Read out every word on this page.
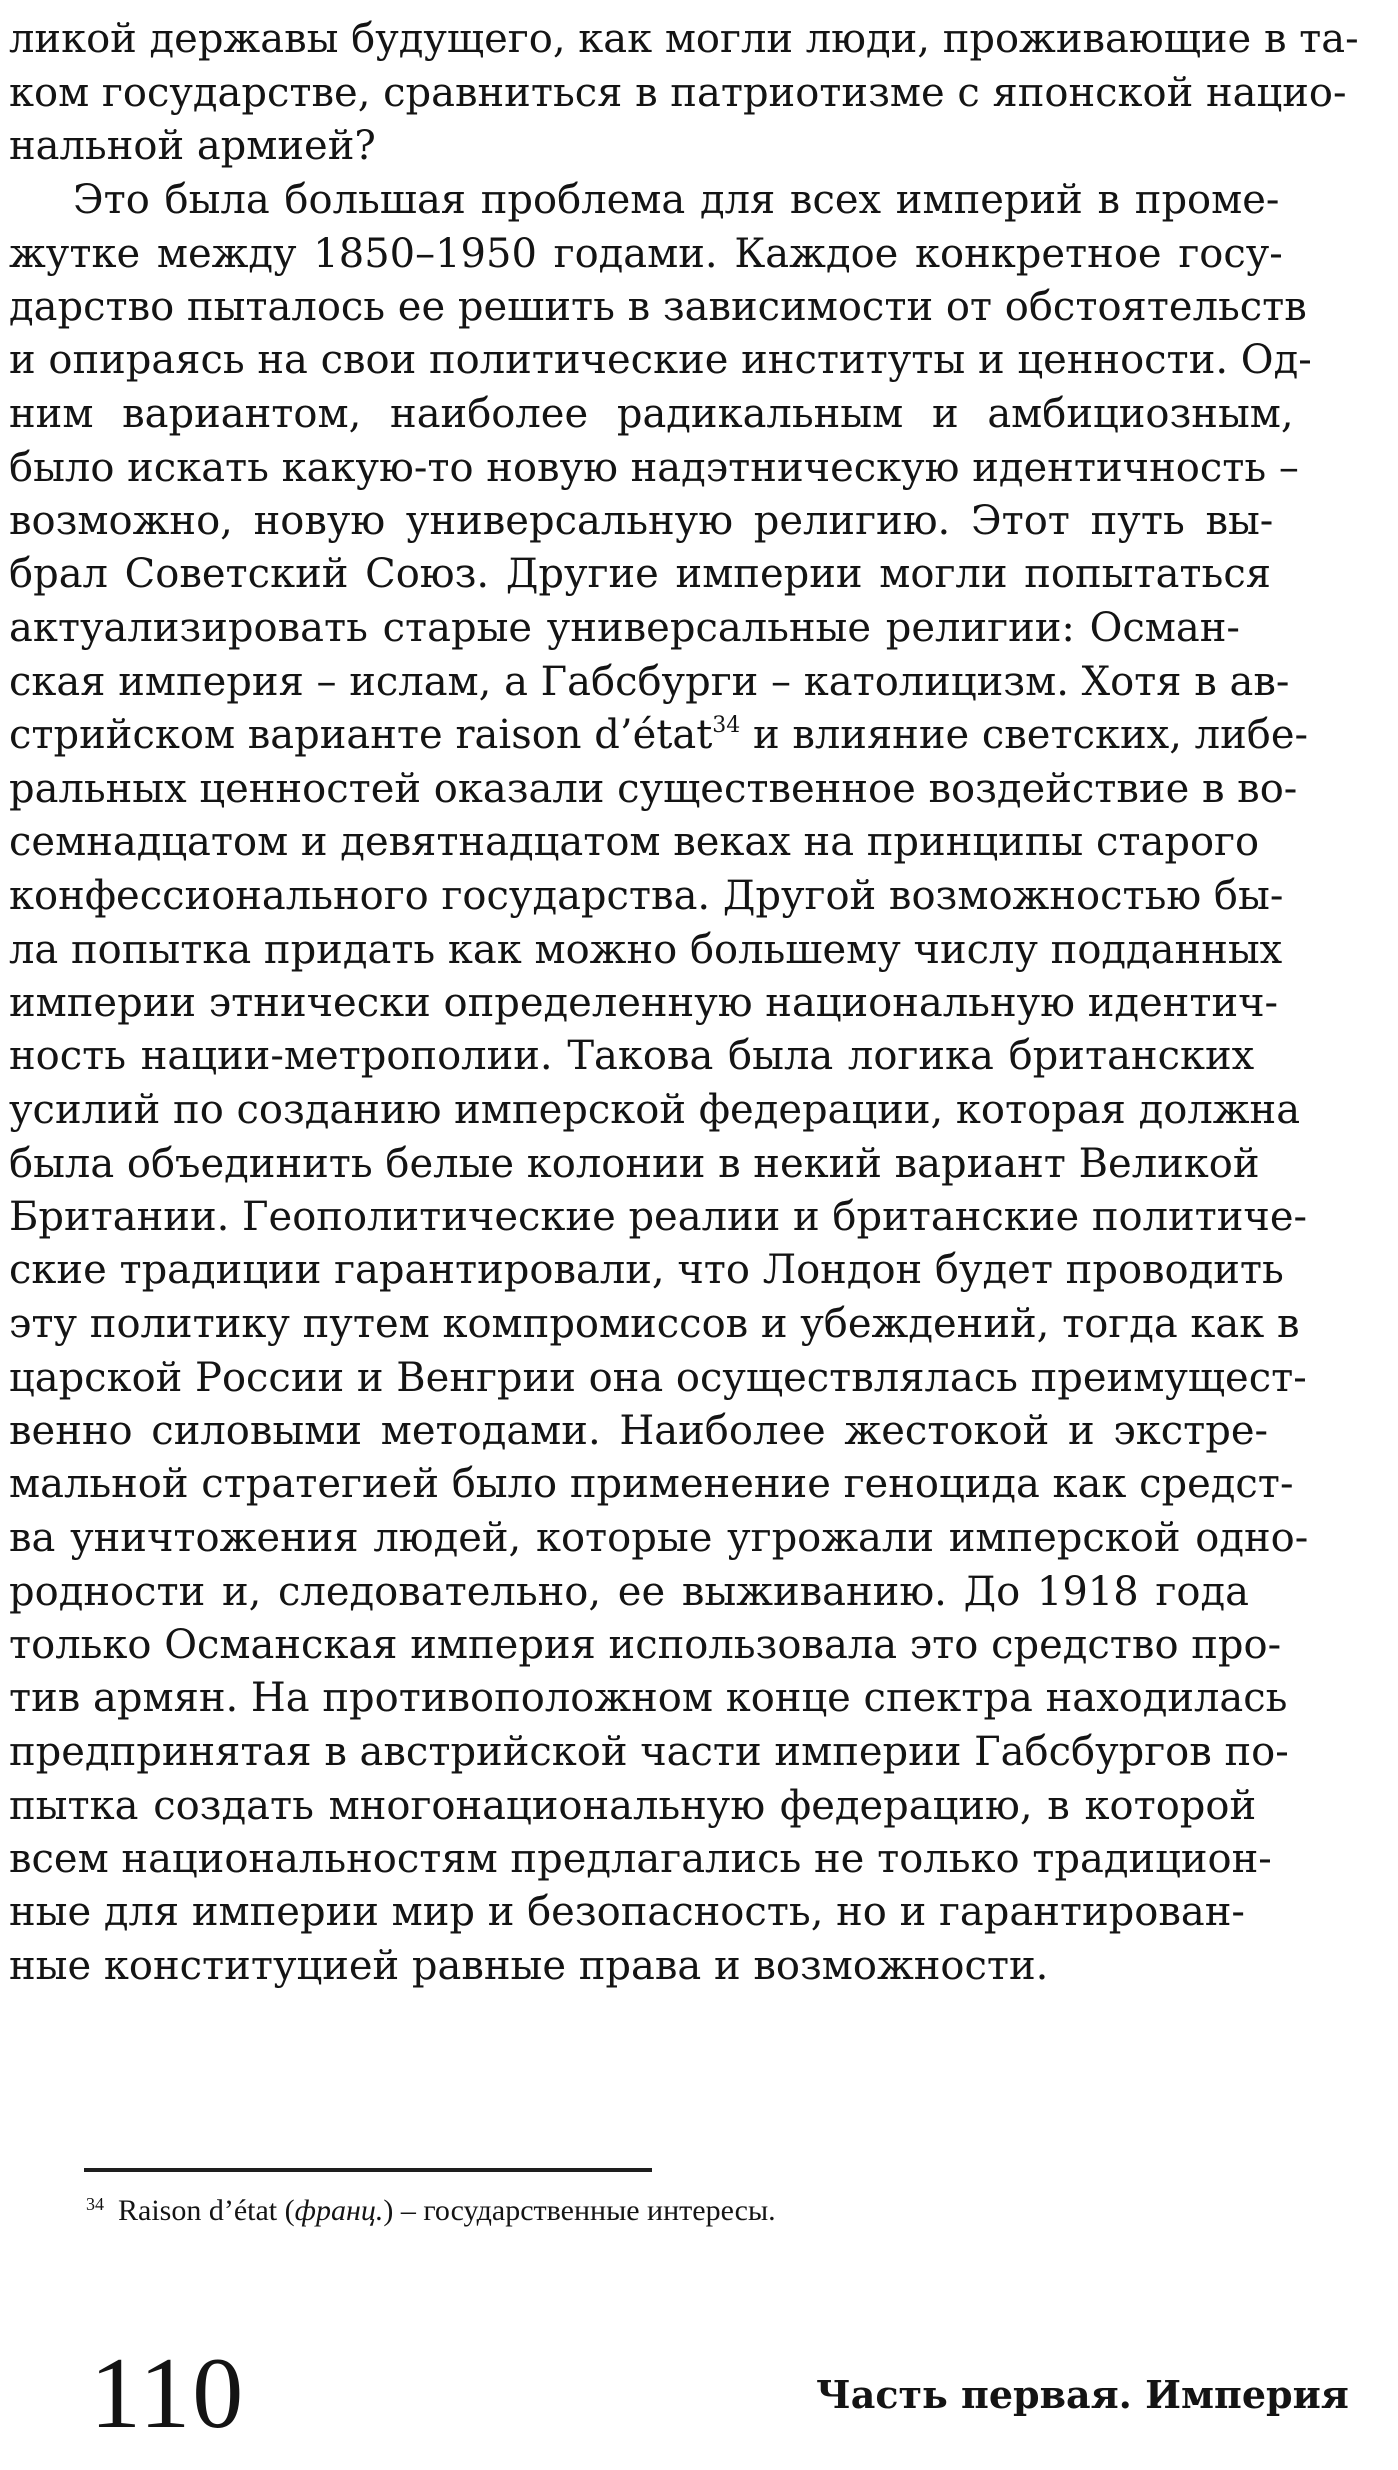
ликой державы будущего, как могли люди, проживающие в та-
ком государстве, сравниться в патриотизме с японской нацио-
нальной армией?
Это была большая проблема для всех империй в проме-
жутке между 1850–1950 годами. Каждое конкретное госу-
дарство пыталось ее решить в зависимости от обстоятельств
и опираясь на свои политические институты и ценности. Од-
ним вариантом, наиболее радикальным и амбициозным,
было искать какую-то новую надэтническую идентичность –
возможно, новую универсальную религию. Этот путь вы-
брал Советский Союз. Другие империи могли попытаться
актуализировать старые универсальные религии: Осман-
ская империя – ислам, а Габсбурги – католицизм. Хотя в ав-
стрийском варианте raison d’état$^{34}$ и влияние светских, либе-
ральных ценностей оказали существенное воздействие в во-
семнадцатом и девятнадцатом веках на принципы старого
конфессионального государства. Другой возможностью бы-
ла попытка придать как можно большему числу подданных
империи этнически определенную национальную идентич-
ность нации-метрополии. Такова была логика британских
усилий по созданию имперской федерации, которая должна
была объединить белые колонии в некий вариант Великой
Британии. Геополитические реалии и британские политиче-
ские традиции гарантировали, что Лондон будет проводить
эту политику путем компромиссов и убеждений, тогда как в
царской России и Венгрии она осуществлялась преимущест-
венно силовыми методами. Наиболее жестокой и экстре-
мальной стратегией было применение геноцида как средст-
ва уничтожения людей, которые угрожали имперской одно-
родности и, следовательно, ее выживанию. До 1918 года
только Османская империя использовала это средство про-
тив армян. На противоположном конце спектра находилась
предпринятая в австрийской части империи Габсбургов по-
пытка создать многонациональную федерацию, в которой
всем национальностям предлагались не только традицион-
ные для империи мир и безопасность, но и гарантирован-
ные конституцией равные права и возможности.
$^{34}$ Raison d’état (франц.) – государственные интересы.
110	Часть первая. Империя
